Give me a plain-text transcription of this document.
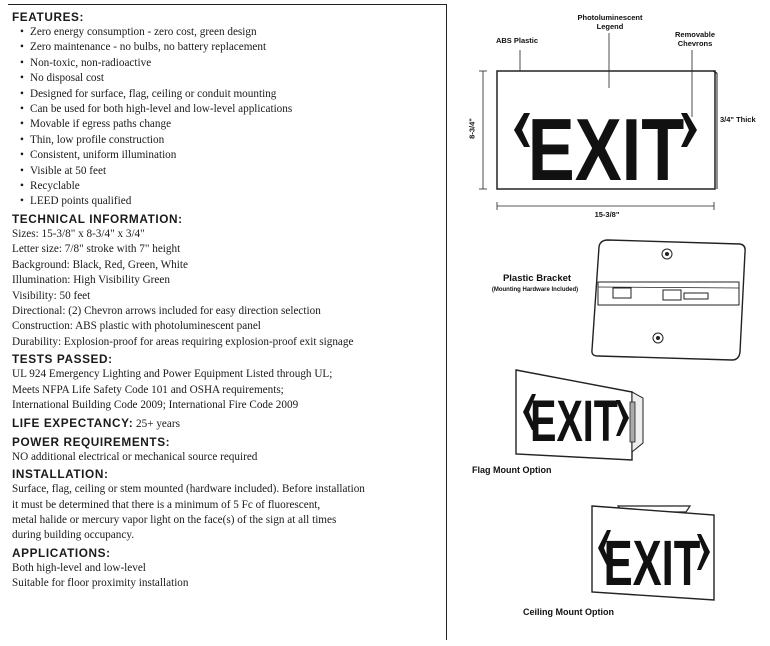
FEATURES:
• Zero energy consumption - zero cost, green design
• Zero maintenance - no bulbs, no battery replacement
• Non-toxic, non-radioactive
• No disposal cost
• Designed for surface, flag, ceiling or conduit mounting
• Can be used for both high-level and low-level applications
• Movable if egress paths change
• Thin, low profile construction
• Consistent, uniform illumination
• Visible at 50 feet
• Recyclable
• LEED points qualified
TECHNICAL INFORMATION:
Sizes: 15-3/8" x 8-3/4" x 3/4"
Letter size: 7/8" stroke with 7" height
Background: Black, Red, Green, White
Illumination: High Visibility Green
Visibility: 50 feet
Directional: (2) Chevron arrows included for easy direction selection
Construction: ABS plastic with photoluminescent panel
Durability: Explosion-proof for areas requiring explosion-proof exit signage
TESTS PASSED:
UL 924 Emergency Lighting and Power Equipment Listed through UL;
Meets NFPA Life Safety Code 101 and OSHA requirements;
International Building Code 2009; International Fire Code 2009
LIFE EXPECTANCY: 25+ years
POWER REQUIREMENTS:
NO additional electrical or mechanical source required
INSTALLATION:
Surface, flag, ceiling or stem mounted (hardware included). Before installation
it must be determined that there is a minimum of 5 Fc of fluorescent,
metal halide or mercury vapor light on the face(s) of the sign at all times
during building occupancy.
APPLICATIONS:
Both high-level and low-level
Suitable for floor proximity installation
EXIT
EXIT
EXIT
ABS Plastic
Photoluminescent
Legend
Removable
Chevrons
8-3/4"
15-3/8"
3/4" Thick
Plastic Bracket
(Mounting Hardware Included)
Flag Mount Option
Ceiling Mount Option
